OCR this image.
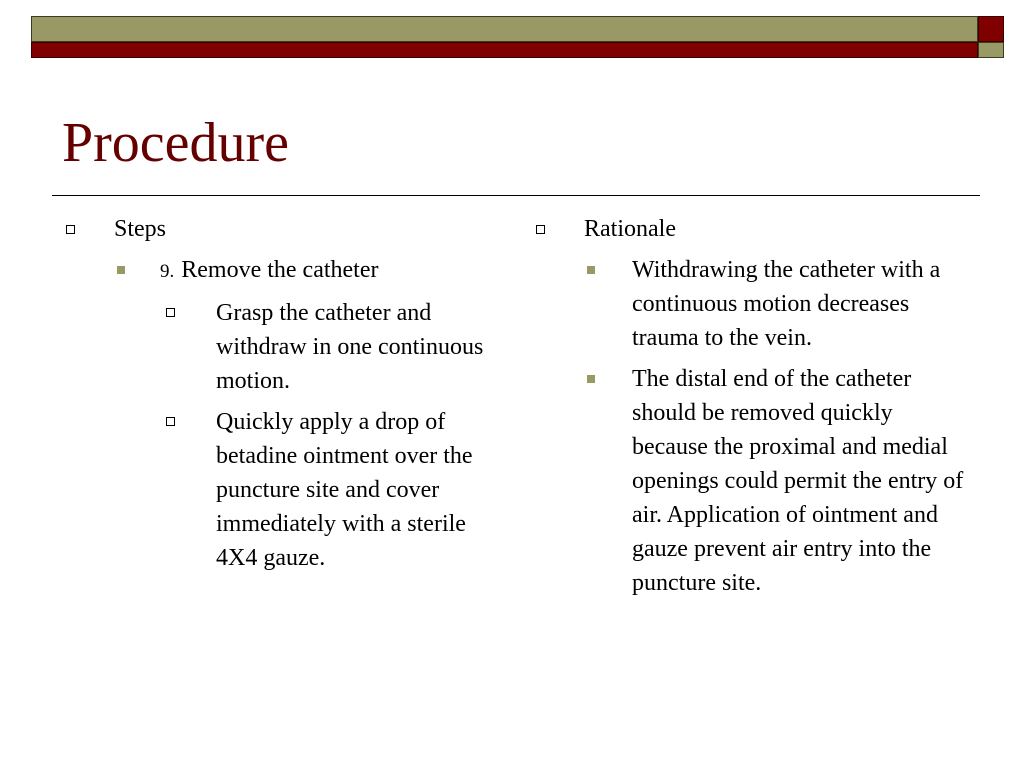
Procedure
Steps
9. Remove the catheter
Grasp the catheter and withdraw in one continuous motion.
Quickly apply a drop of betadine ointment over the puncture site and cover immediately with a sterile 4X4 gauze.
Rationale
Withdrawing the catheter with a continuous motion decreases trauma to the vein.
The distal end of the catheter should be removed quickly because the proximal and medial openings could permit the entry of air. Application of ointment and gauze prevent air entry into the puncture site.
